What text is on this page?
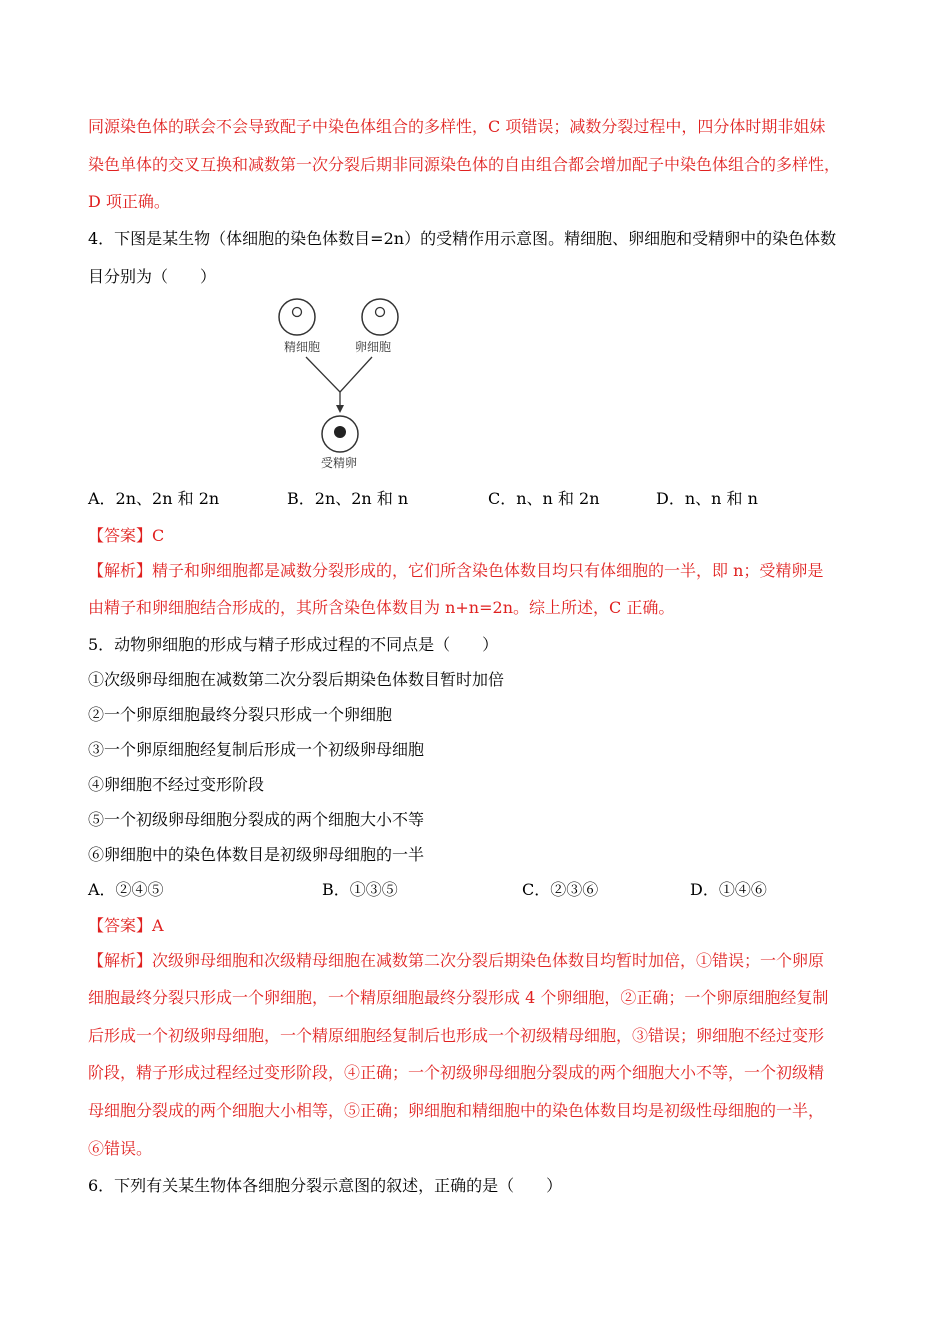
同源染色体的联会不会导致配子中染色体组合的多样性，C 项错误；减数分裂过程中，四分体时期非姐妹
染色单体的交叉互换和减数第一次分裂后期非同源染色体的自由组合都会增加配子中染色体组合的多样性，
D 项正确。
4．下图是某生物（体细胞的染色体数目=2n）的受精作用示意图。精细胞、卵细胞和受精卵中的染色体数
目分别为（　　）
精细胞	卵细胞
受精卵
A．2n、2n 和 2n	B．2n、2n 和 n	C．n、n 和 2n	D．n、n 和 n
【答案】C
【解析】精子和卵细胞都是减数分裂形成的，它们所含染色体数目均只有体细胞的一半，即 n；受精卵是
由精子和卵细胞结合形成的，其所含染色体数目为 n+n=2n。综上所述，C 正确。
5．动物卵细胞的形成与精子形成过程的不同点是（　　）
①次级卵母细胞在减数第二次分裂后期染色体数目暂时加倍
②一个卵原细胞最终分裂只形成一个卵细胞
③一个卵原细胞经复制后形成一个初级卵母细胞
④卵细胞不经过变形阶段
⑤一个初级卵母细胞分裂成的两个细胞大小不等
⑥卵细胞中的染色体数目是初级卵母细胞的一半
A．②④⑤	B．①③⑤	C．②③⑥	D．①④⑥
【答案】A
【解析】次级卵母细胞和次级精母细胞在减数第二次分裂后期染色体数目均暂时加倍，①错误；一个卵原
细胞最终分裂只形成一个卵细胞，一个精原细胞最终分裂形成 4 个卵细胞，②正确；一个卵原细胞经复制
后形成一个初级卵母细胞，一个精原细胞经复制后也形成一个初级精母细胞，③错误；卵细胞不经过变形
阶段，精子形成过程经过变形阶段，④正确；一个初级卵母细胞分裂成的两个细胞大小不等，一个初级精
母细胞分裂成的两个细胞大小相等，⑤正确；卵细胞和精细胞中的染色体数目均是初级性母细胞的一半，
⑥错误。
6．下列有关某生物体各细胞分裂示意图的叙述，正确的是（　　）
